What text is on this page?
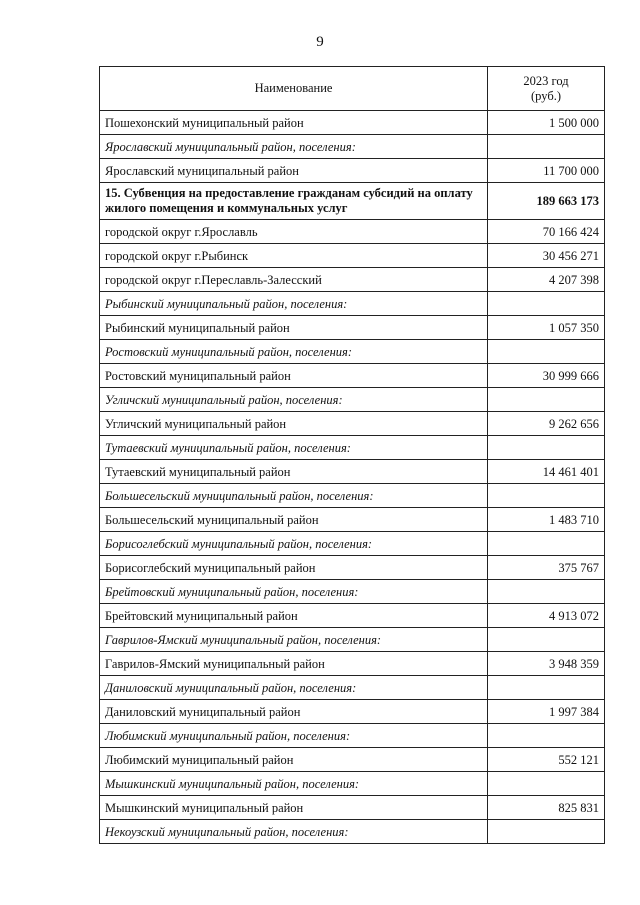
9
Наименование	2023 год
(руб.)
Пошехонский муниципальный район	1 500 000
Ярославский муниципальный район, поселения:	
Ярославский муниципальный район	11 700 000
15. Субвенция на предоставление гражданам субсидий на оплату жилого помещения и коммунальных услуг	189 663 173
городской округ г.Ярославль	70 166 424
городской округ г.Рыбинск	30 456 271
городской округ г.Переславль-Залесский	4 207 398
Рыбинский муниципальный район, поселения:	
Рыбинский муниципальный район	1 057 350
Ростовский муниципальный район, поселения:	
Ростовский муниципальный район	30 999 666
Угличский муниципальный район, поселения:	
Угличский муниципальный район	9 262 656
Тутаевский муниципальный район, поселения:	
Тутаевский муниципальный район	14 461 401
Большесельский муниципальный район, поселения:	
Большесельский муниципальный район	1 483 710
Борисоглебский муниципальный район, поселения:	
Борисоглебский муниципальный район	375 767
Брейтовский муниципальный район, поселения:	
Брейтовский муниципальный район	4 913 072
Гаврилов-Ямский муниципальный район, поселения:	
Гаврилов-Ямский муниципальный район	3 948 359
Даниловский муниципальный район, поселения:	
Даниловский муниципальный район	1 997 384
Любимский муниципальный район, поселения:	
Любимский муниципальный район	552 121
Мышкинский муниципальный район, поселения:	
Мышкинский муниципальный район	825 831
Некоузский муниципальный район, поселения:	
